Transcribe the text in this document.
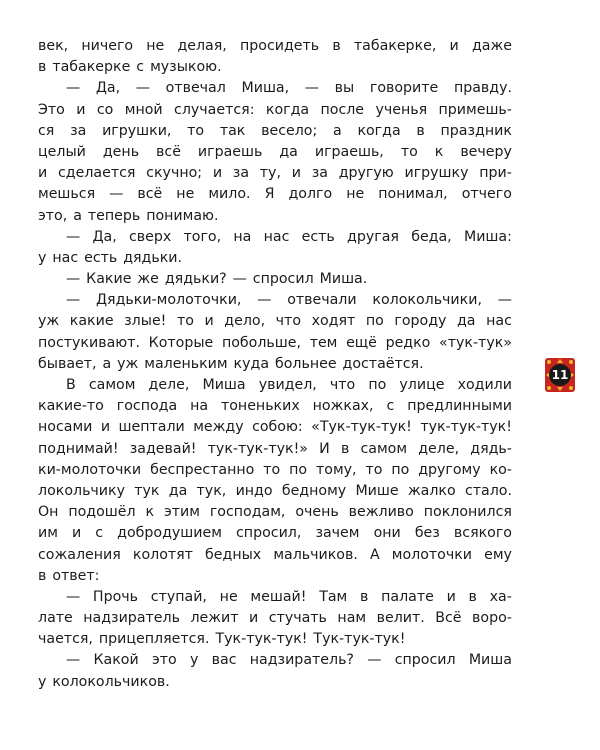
век, ничего не делая, просидеть в табакерке, и даже
в табакерке с музыкою.
— Да, — отвечал Миша, — вы говорите правду.
Это и со мной случается: когда после ученья примешь-
ся за игрушки, то так весело; а когда в праздник
целый день всё играешь да играешь, то к вечеру
и сделается скучно; и за ту, и за другую игрушку при-
мешься — всё не мило. Я долго не понимал, отчего
это, а теперь понимаю.
— Да, сверх того, на нас есть другая беда, Миша:
у нас есть дядьки.
— Какие же дядьки? — спросил Миша.
— Дядьки-молоточки, — отвечали колокольчики, —
уж какие злые! то и дело, что ходят по городу да нас
постукивают. Которые побольше, тем ещё редко «тук-тук»
бывает, а уж маленьким куда больнее достаётся.
В самом деле, Миша увидел, что по улице ходили
какие-то господа на тоненьких ножках, с предлинными
носами и шептали между собою: «Тук-тук-тук! тук-тук-тук!
поднимай! задевай! тук-тук-тук!» И в самом деле, дядь-
ки-молоточки беспрестанно то по тому, то по другому ко-
локольчику тук да тук, индо бедному Мише жалко стало.
Он подошёл к этим господам, очень вежливо поклонился
им и с добродушием спросил, зачем они без всякого
сожаления колотят бедных мальчиков. А молоточки ему
в ответ:
— Прочь ступай, не мешай! Там в палате и в ха-
лате надзиратель лежит и стучать нам велит. Всё воро-
чается, прицепляется. Тук-тук-тук! Тук-тук-тук!
— Какой это у вас надзиратель? — спросил Миша
у колокольчиков.
11
